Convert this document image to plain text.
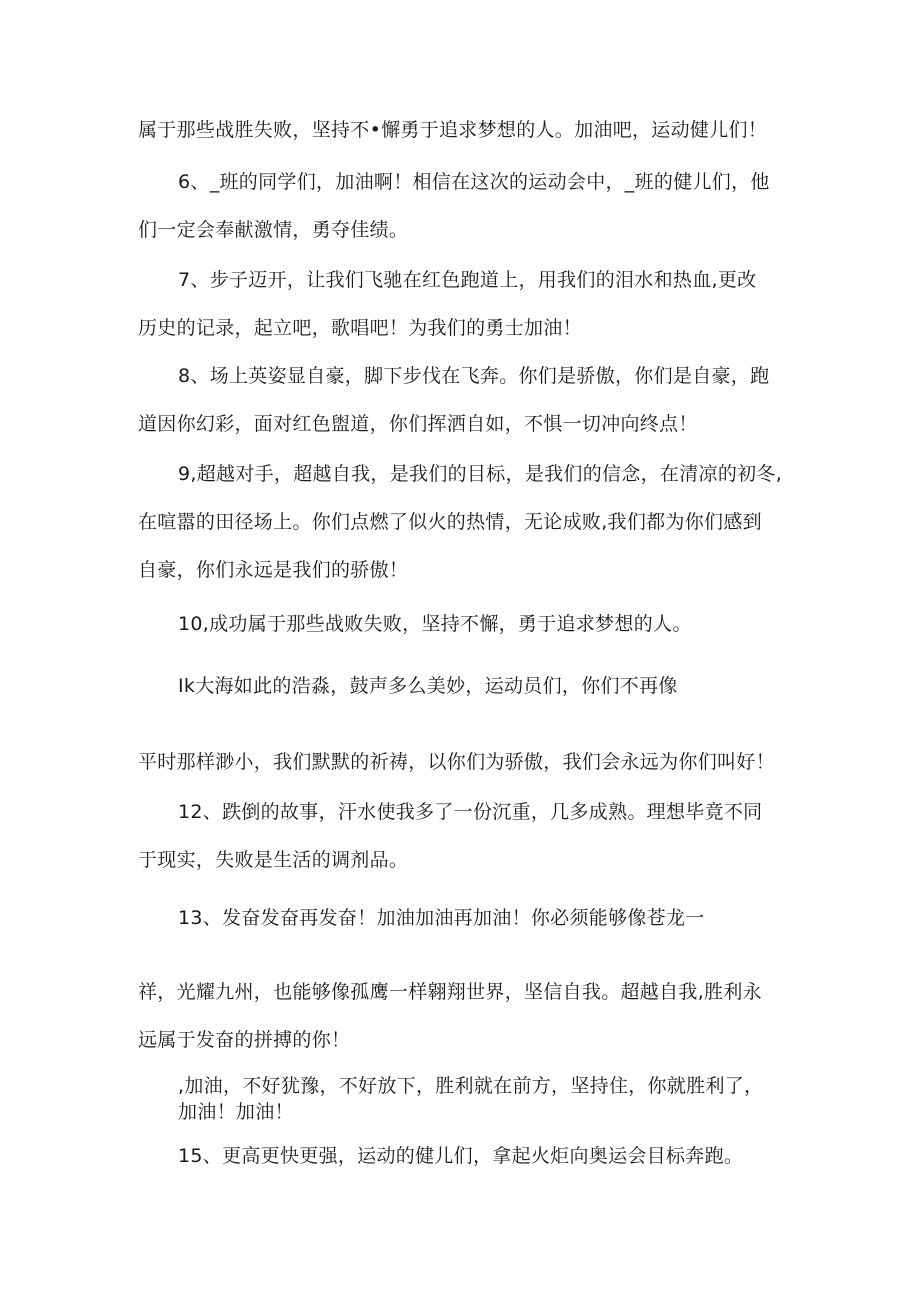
属于那些战胜失败，坚持不•懈勇于追求梦想的人。加油吧，运动健儿们！
6、_班的同学们，加油啊！相信在这次的运动会中，_班的健儿们，他
们一定会奉献激情，勇夺佳绩。
7、步子迈开，让我们飞驰在红色跑道上，用我们的泪水和热血,更改
历史的记录，起立吧，歌唱吧！为我们的勇士加油！
8、场上英姿显自豪，脚下步伐在飞奔。你们是骄傲，你们是自豪，跑
道因你幻彩，面对红色盥道，你们挥洒自如，不惧一切冲向终点！
9,超越对手，超越自我，是我们的目标，是我们的信念，在清凉的初冬,
在喧嚣的田径场上。你们点燃了似火的热情，无论成败,我们都为你们感到
自豪，你们永远是我们的骄傲！
10,成功属于那些战败失败，坚持不懈，勇于追求梦想的人。
Ik大海如此的浩淼，鼓声多么美妙，运动员们，你们不再像
平时那样渺小，我们默默的祈祷，以你们为骄傲，我们会永远为你们叫好！
12、跌倒的故事，汗水使我多了一份沉重，几多成熟。理想毕竟不同
于现实，失败是生活的调剂品。
13、发奋发奋再发奋！加油加油再加油！你必须能够像苍龙一
祥，光耀九州，也能够像孤鹰一样翱翔世界，坚信自我。超越自我,胜利永
远属于发奋的拼搏的你！
,加油，不好犹豫，不好放下，胜利就在前方，坚持住，你就胜利了，
加油！加油！
15、更高更快更强，运动的健儿们，拿起火炬向奥运会目标奔跑。
